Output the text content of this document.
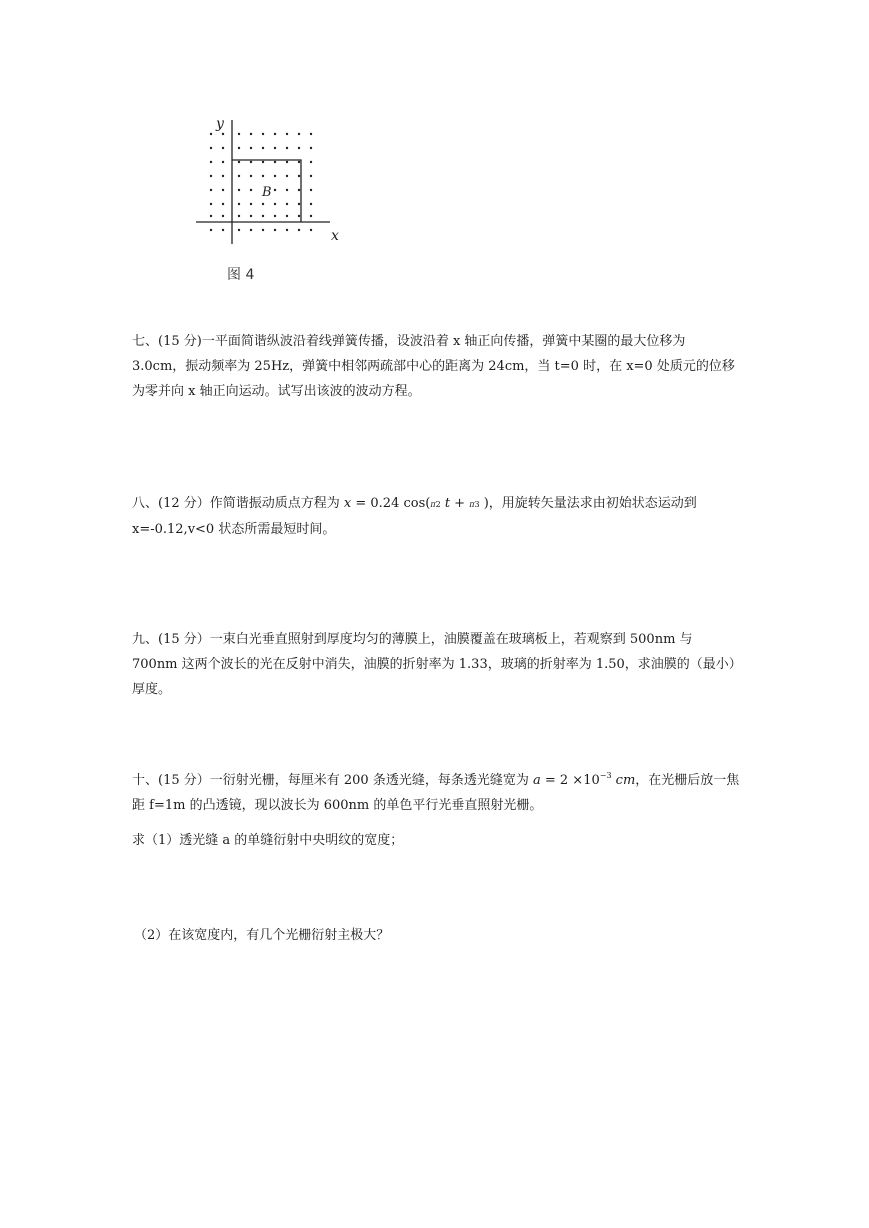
y
x
B
图 4

七、(15 分)一平面简谐纵波沿着线弹簧传播，设波沿着 x 轴正向传播，弹簧中某圈的最大位移为 3.0cm，振动频率为 25Hz，弹簧中相邻两疏部中心的距离为 24cm，当 t=0 时，在 x=0 处质元的位移为零并向 x 轴正向运动。试写出该波的波动方程。

八、(12 分）作简谐振动质点方程为 x = 0.24 cos(π2 t + π3 )，用旋转矢量法求由初始状态运动到 x=-0.12,v<0 状态所需最短时间。

九、(15 分）一束白光垂直照射到厚度均匀的薄膜上，油膜覆盖在玻璃板上，若观察到 500nm 与 700nm 这两个波长的光在反射中消失，油膜的折射率为 1.33，玻璃的折射率为 1.50，求油膜的（最小）厚度。

十、(15 分）一衍射光栅，每厘米有 200 条透光缝，每条透光缝宽为 $a = 2 \times 10^{-3}$ cm，在光栅后放一焦距 f=1m 的凸透镜，现以波长为 600nm 的单色平行光垂直照射光栅。

求（1）透光缝 a 的单缝衍射中央明纹的宽度；

（2）在该宽度内，有几个光栅衍射主极大？
